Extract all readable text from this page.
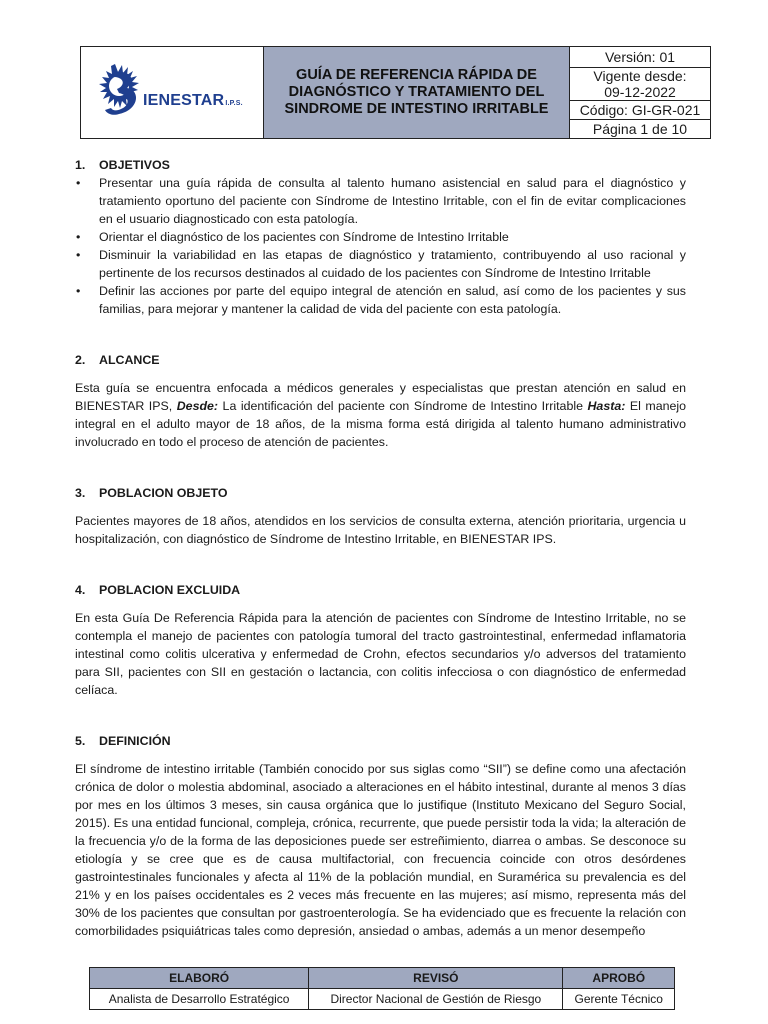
IENESTARI.P.S.
GUÍA DE REFERENCIA RÁPIDA DE
DIAGNÓSTICO Y TRATAMIENTO DEL
SINDROME DE INTESTINO IRRITABLE
Versión: 01
Vigente desde:
09-12-2022
Código: GI-GR-021
Página 1 de 10

1.	OBJETIVOS

• Presentar una guía rápida de consulta al talento humano asistencial en salud para el diagnóstico y tratamiento oportuno del paciente con Síndrome de Intestino Irritable, con el fin de evitar complicaciones en el usuario diagnosticado con esta patología.
• Orientar el diagnóstico de los pacientes con Síndrome de Intestino Irritable
• Disminuir la variabilidad en las etapas de diagnóstico y tratamiento, contribuyendo al uso racional y pertinente de los recursos destinados al cuidado de los pacientes con Síndrome de Intestino Irritable
• Definir las acciones por parte del equipo integral de atención en salud, así como de los pacientes y sus familias, para mejorar y mantener la calidad de vida del paciente con esta patología.

2.	ALCANCE

Esta guía se encuentra enfocada a médicos generales y especialistas que prestan atención en salud en BIENESTAR IPS, Desde: La identificación del paciente con Síndrome de Intestino Irritable Hasta: El manejo integral en el adulto mayor de 18 años, de la misma forma está dirigida al talento humano administrativo involucrado en todo el proceso de atención de pacientes.

3.	POBLACION OBJETO

Pacientes mayores de 18 años, atendidos en los servicios de consulta externa, atención prioritaria, urgencia u hospitalización, con diagnóstico de Síndrome de Intestino Irritable, en BIENESTAR IPS.

4.	POBLACION EXCLUIDA

En esta Guía De Referencia Rápida para la atención de pacientes con Síndrome de Intestino Irritable, no se contempla el manejo de pacientes con patología tumoral del tracto gastrointestinal, enfermedad inflamatoria intestinal como colitis ulcerativa y enfermedad de Crohn, efectos secundarios y/o adversos del tratamiento para SII, pacientes con SII en gestación o lactancia, con colitis infecciosa o con diagnóstico de enfermedad celíaca.

5.	DEFINICIÓN

El síndrome de intestino irritable (También conocido por sus siglas como “SII”) se define como una afectación crónica de dolor o molestia abdominal, asociado a alteraciones en el hábito intestinal, durante al menos 3 días por mes en los últimos 3 meses, sin causa orgánica que lo justifique (Instituto Mexicano del Seguro Social, 2015). Es una entidad funcional, compleja, crónica, recurrente, que puede persistir toda la vida; la alteración de la frecuencia y/o de la forma de las deposiciones puede ser estreñimiento, diarrea o ambas. Se desconoce su etiología y se cree que es de causa multifactorial, con frecuencia coincide con otros desórdenes gastrointestinales funcionales y afecta al 11% de la población mundial, en Suramérica su prevalencia es del 21% y en los países occidentales es 2 veces más frecuente en las mujeres; así mismo, representa más del 30% de los pacientes que consultan por gastroenterología. Se ha evidenciado que es frecuente la relación con comorbilidades psiquiátricas tales como depresión, ansiedad o ambas, además a un menor desempeño

ELABORÓ	REVISÓ	APROBÓ
Analista de Desarrollo Estratégico	Director Nacional de Gestión de Riesgo	Gerente Técnico
